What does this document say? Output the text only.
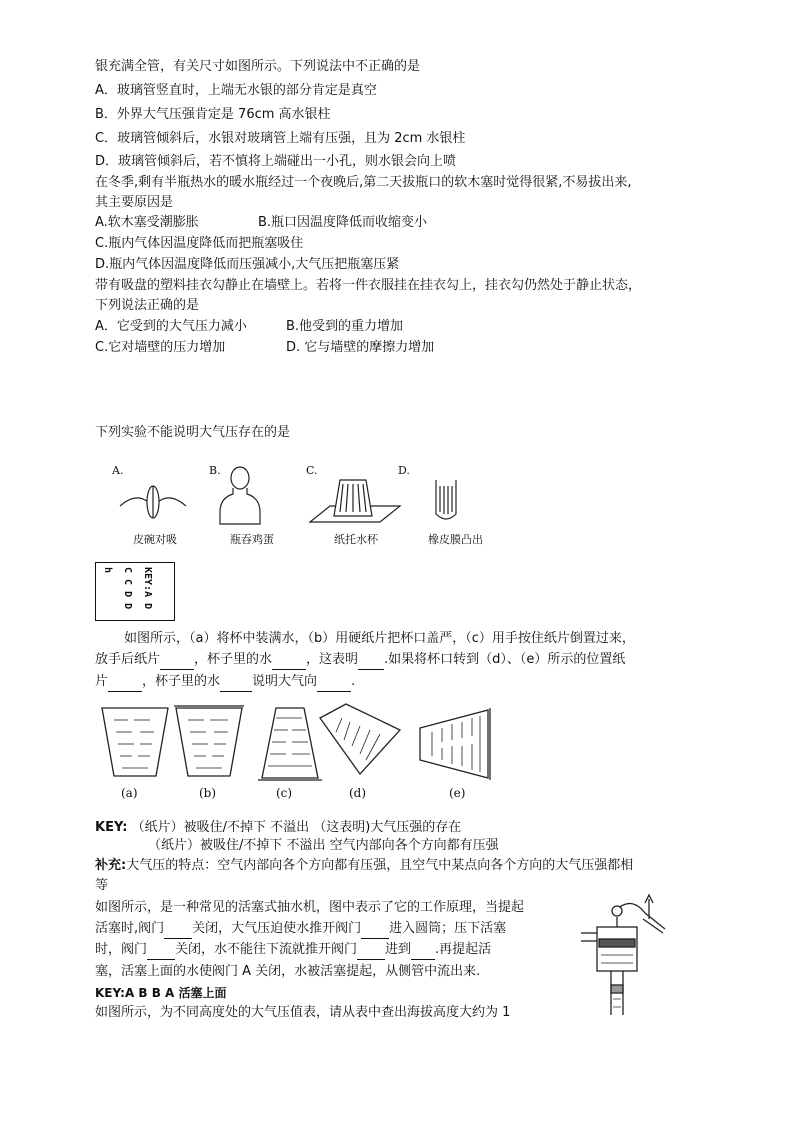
银充满全管，有关尺寸如图所示。下列说法中不正确的是
A．玻璃管竖直时，上端无水银的部分肯定是真空
B．外界大气压强肯定是 76cm 高水银柱
C．玻璃管倾斜后，水银对玻璃管上端有压强，且为 2cm 水银柱
D．玻璃管倾斜后，若不慎将上端碰出一小孔，则水银会向上喷
在冬季,剩有半瓶热水的暖水瓶经过一个夜晚后,第二天拔瓶口的软木塞时觉得很紧,不易拔出来,
其主要原因是
A.软木塞受潮膨胀	B.瓶口因温度降低而收缩变小
C.瓶内气体因温度降低而把瓶塞吸住
D.瓶内气体因温度降低而压强减小,大气压把瓶塞压紧
带有吸盘的塑料挂衣勾静止在墙壁上。若将一件衣服挂在挂衣勾上，挂衣勾仍然处于静止状态，
下列说法正确的是
A．它受到的大气压力减小	B.他受到的重力增加
C.它对墙壁的压力增加	D. 它与墙壁的摩擦力增加
下列实验不能说明大气压存在的是
A.	B.	C.	D.
皮碗对吸	瓶吞鸡蛋	纸托水杯	橡皮膜凸出
KEY:A D
C C D D
h
如图所示，（a）将杯中装满水，（b）用硬纸片把杯口盖严，（c）用手按住纸片倒置过来，
放手后纸片	，杯子里的水	，这表明 .如果将杯口转到（d）、（e）所示的位置纸
片	，杯子里的水 说明大气向	.
(a)	(b)	(c)	(d)	(e)
KEY: （纸片）被吸住/不掉下 不溢出 （这表明)大气压强的存在
（纸片）被吸住/不掉下 不溢出 空气内部向各个方向都有压强
补充:大气压的特点：空气内部向各个方向都有压强，且空气中某点向各个方向的大气压强都相
等
如图所示，是一种常见的活塞式抽水机，图中表示了它的工作原理，当提起
活塞时,阀门 关闭，大气压迫使水推开阀门 进入圆筒；压下活塞
时，阀门 关闭，水不能往下流就推开阀门 进到 .再提起活
塞，活塞上面的水使阀门 A 关闭，水被活塞提起，从侧管中流出来.
KEY:A B B A 活塞上面
如图所示，为不同高度处的大气压值表，请从表中查出海拔高度大约为 1
